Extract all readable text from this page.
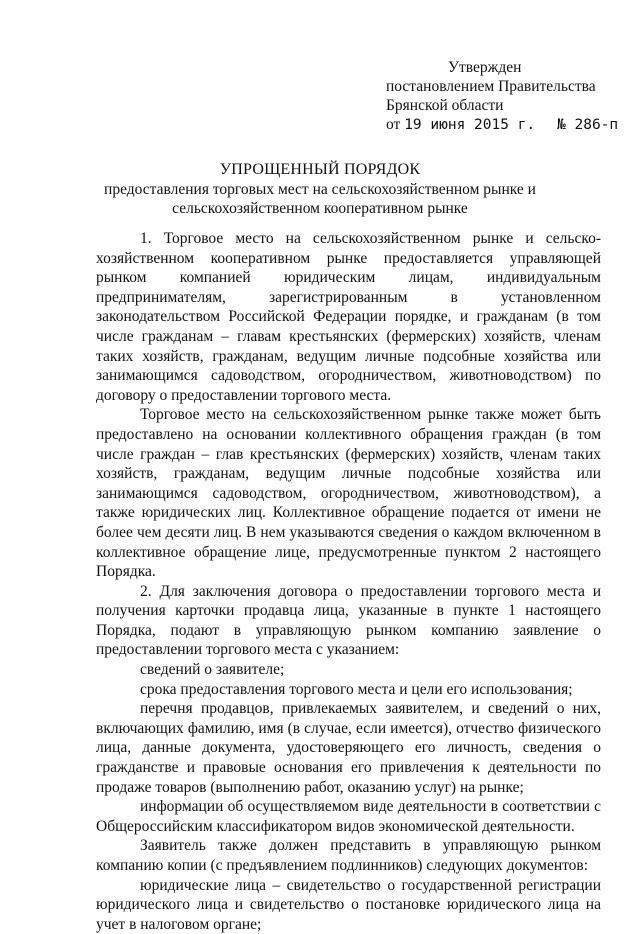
Утвержден
постановлением Правительства
Брянской области
от 19 июня 2015 г. № 286-п
УПРОЩЕННЫЙ ПОРЯДОК
предоставления торговых мест на сельскохозяйственном рынке и
сельскохозяйственном кооперативном рынке

1. Торговое место на сельскохозяйственном рынке и сельско-хозяйственном кооперативном рынке предоставляется управляющей рынком компанией юридическим лицам, индивидуальным предпринимателям, зарегистрированным в установленном законодательством Российской Федерации порядке, и гражданам (в том числе гражданам – главам крестьянских (фермерских) хозяйств, членам таких хозяйств, гражданам, ведущим личные подсобные хозяйства или занимающимся садоводством, огородничеством, животноводством) по договору о предоставлении торгового места.

Торговое место на сельскохозяйственном рынке также может быть предоставлено на основании коллективного обращения граждан (в том числе граждан – глав крестьянских (фермерских) хозяйств, членам таких хозяйств, гражданам, ведущим личные подсобные хозяйства или занимающимся садоводством, огородничеством, животноводством), а также юридических лиц. Коллективное обращение подается от имени не более чем десяти лиц. В нем указываются сведения о каждом включенном в коллективное обращение лице, предусмотренные пунктом 2 настоящего Порядка.

2. Для заключения договора о предоставлении торгового места и получения карточки продавца лица, указанные в пункте 1 настоящего Порядка, подают в управляющую рынком компанию заявление о предоставлении торгового места с указанием:

сведений о заявителе;

срока предоставления торгового места и цели его использования;

перечня продавцов, привлекаемых заявителем, и сведений о них, включающих фамилию, имя (в случае, если имеется), отчество физического лица, данные документа, удостоверяющего его личность, сведения о гражданстве и правовые основания его привлечения к деятельности по продаже товаров (выполнению работ, оказанию услуг) на рынке;

информации об осуществляемом виде деятельности в соответствии с Общероссийским классификатором видов экономической деятельности.

Заявитель также должен представить в управляющую рынком компанию копии (с предъявлением подлинников) следующих документов:

юридические лица – свидетельство о государственной регистрации юридического лица и свидетельство о постановке юридического лица на учет в налоговом органе;
